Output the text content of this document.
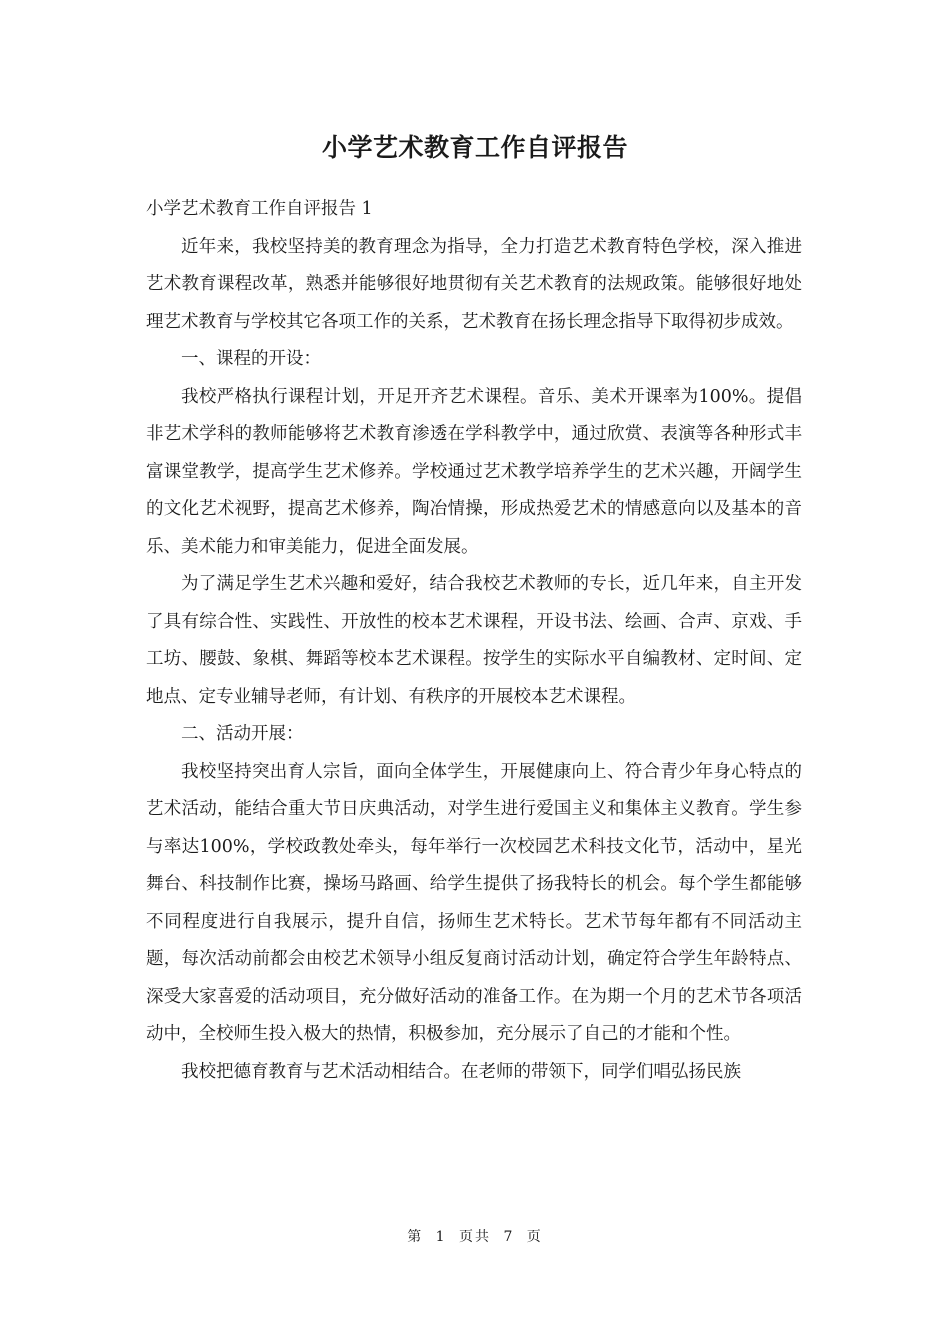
小学艺术教育工作自评报告

小学艺术教育工作自评报告 1

近年来，我校坚持美的教育理念为指导，全力打造艺术教育特色学校，深入推进艺术教育课程改革，熟悉并能够很好地贯彻有关艺术教育的法规政策。能够很好地处理艺术教育与学校其它各项工作的关系，艺术教育在扬长理念指导下取得初步成效。

一、课程的开设：

我校严格执行课程计划，开足开齐艺术课程。音乐、美术开课率为100%。提倡非艺术学科的教师能够将艺术教育渗透在学科教学中，通过欣赏、表演等各种形式丰富课堂教学，提高学生艺术修养。学校通过艺术教学培养学生的艺术兴趣，开阔学生的文化艺术视野，提高艺术修养，陶冶情操，形成热爱艺术的情感意向以及基本的音乐、美术能力和审美能力，促进全面发展。

为了满足学生艺术兴趣和爱好，结合我校艺术教师的专长，近几年来，自主开发了具有综合性、实践性、开放性的校本艺术课程，开设书法、绘画、合声、京戏、手工坊、腰鼓、象棋、舞蹈等校本艺术课程。按学生的实际水平自编教材、定时间、定地点、定专业辅导老师，有计划、有秩序的开展校本艺术课程。

二、活动开展：

我校坚持突出育人宗旨，面向全体学生，开展健康向上、符合青少年身心特点的艺术活动，能结合重大节日庆典活动，对学生进行爱国主义和集体主义教育。学生参与率达100%，学校政教处牵头，每年举行一次校园艺术科技文化节，活动中，星光舞台、科技制作比赛，操场马路画、给学生提供了扬我特长的机会。每个学生都能够不同程度进行自我展示，提升自信，扬师生艺术特长。艺术节每年都有不同活动主题，每次活动前都会由校艺术领导小组反复商讨活动计划，确定符合学生年龄特点、深受大家喜爱的活动项目，充分做好活动的准备工作。在为期一个月的艺术节各项活动中，全校师生投入极大的热情，积极参加，充分展示了自己的才能和个性。

我校把德育教育与艺术活动相结合。在老师的带领下，同学们唱弘扬民族

第 1 页共 7 页
